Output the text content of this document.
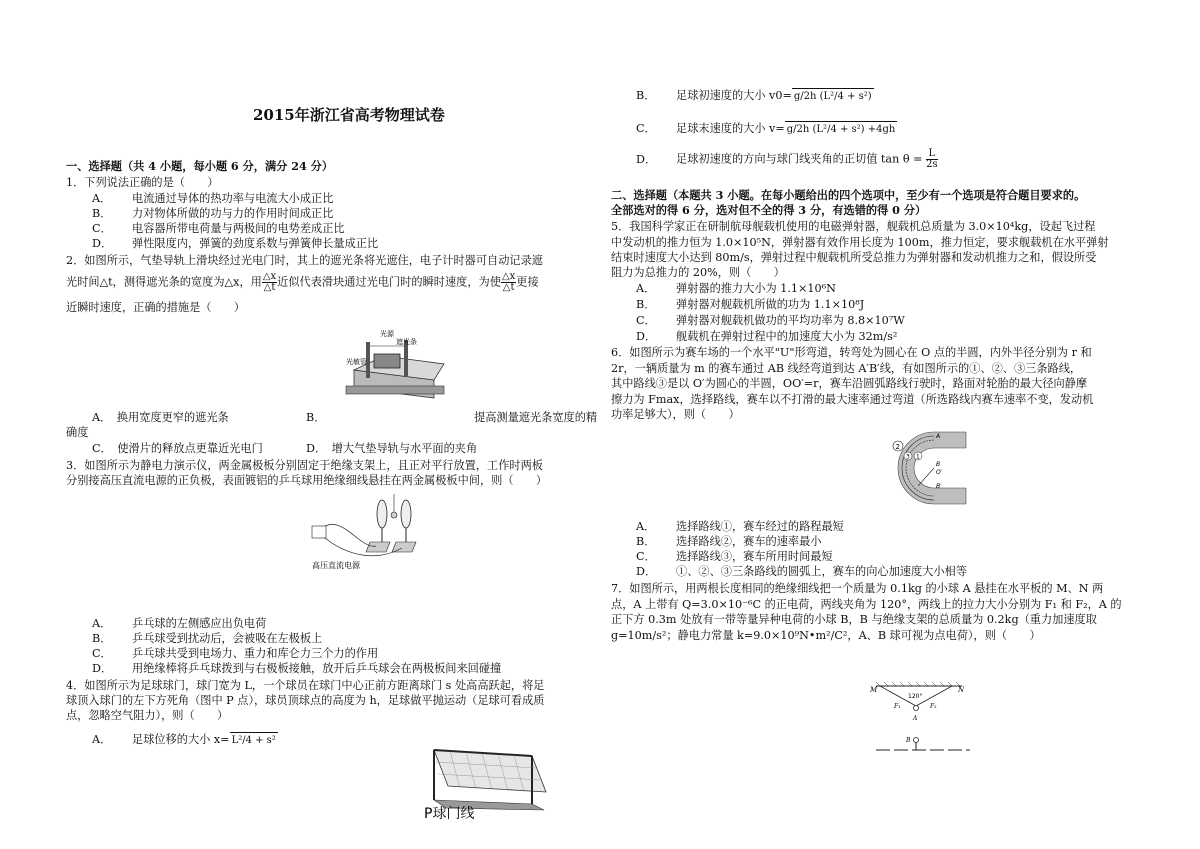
2015年浙江省高考物理试卷
一、选择题（共 4 小题，每小题 6 分，满分 24 分）
1．下列说法正确的是（　　）
A． 电流通过导体的热功率与电流大小成正比
B． 力对物体所做的功与力的作用时间成正比
C． 电容器所带电荷量与两极间的电势差成正比
D． 弹性限度内，弹簧的劲度系数与弹簧伸长量成正比
2．如图所示，气垫导轨上滑块经过光电门时，其上的遮光条将光遮住，电子计时器可自动记录遮
光时间△t，测得遮光条的宽度为△x，用 $\frac{\triangle x}{\triangle t}$ 近似代表滑块通过光电门时的瞬时速度，为使 $\frac{\triangle x}{\triangle t}$ 更接
近瞬时速度，正确的措施是（　　）
光源
遮光条
光敏管
A．　换用宽度更窄的遮光条	B．	提高测量遮光条宽度的精
确度
C．　使滑片的释放点更靠近光电门	D．　增大气垫导轨与水平面的夹角
3．如图所示为静电力演示仪，两金属极板分别固定于绝缘支架上，且正对平行放置，工作时两板
分别接高压直流电源的正负极，表面镀铝的乒乓球用绝缘细线悬挂在两金属极板中间，则（　　）
高压直流电源
A． 乒乓球的左侧感应出负电荷
B． 乒乓球受到扰动后，会被吸在左极板上
C． 乒乓球共受到电场力、重力和库仑力三个力的作用
D． 用绝缘棒将乒乓球拨到与右极板接触，放开后乒乓球会在两极板间来回碰撞
4．如图所示为足球球门，球门宽为 L，一个球员在球门中心正前方距离球门 s 处高高跃起，将足
球顶入球门的左下方死角（图中 P 点），球员顶球点的高度为 h，足球做平抛运动（足球可看成质
点，忽略空气阻力），则（　　）
A． 足球位移的大小 x= L²/4 + s²
P球门线
B． 足球初速度的大小 v0= g/2h (L²/4 + s²)
C． 足球末速度的大小 v= g/2h (L²/4 + s²) +4gh
D． 足球初速度的方向与球门线夹角的正切值 $\tan \theta = \frac{L}{2s}$
二、选择题（本题共 3 小题。在每小题给出的四个选项中，至少有一个选项是符合题目要求的。
全部选对的得 6 分，选对但不全的得 3 分，有选错的得 0 分）
5．我国科学家正在研制航母舰载机使用的电磁弹射器，舰载机总质量为 3.0×10⁴kg，设起飞过程
中发动机的推力恒为 1.0×10⁵N，弹射器有效作用长度为 100m，推力恒定，要求舰载机在水平弹射
结束时速度大小达到 80m/s，弹射过程中舰载机所受总推力为弹射器和发动机推力之和，假设所受
阻力为总推力的 20%，则（　　）
A． 弹射器的推力大小为 1.1×10⁶N
B． 弹射器对舰载机所做的功为 1.1×10⁸J
C． 弹射器对舰载机做功的平均功率为 8.8×10⁷W
D． 舰载机在弹射过程中的加速度大小为 32m/s²
6．如图所示为赛车场的一个水平"U"形弯道，转弯处为圆心在 O 点的半圆，内外半径分别为 r 和
2r，一辆质量为 m 的赛车通过 AB 线经弯道到达 A′B′线，有如图所示的①、②、③三条路线，
其中路线③是以 O′为圆心的半圆，OO′=r，赛车沿圆弧路线行驶时，路面对轮胎的最大径向静摩
擦力为 Fmax，选择路线，赛车以不打滑的最大速率通过弯道（所选路线内赛车速率不变，发动机
功率足够大），则（　　）
2
3 1
A
B
O′
B′
A． 选择路线①，赛车经过的路程最短
B． 选择路线②，赛车的速率最小
C． 选择路线③，赛车所用时间最短
D． ①、②、③三条路线的圆弧上，赛车的向心加速度大小相等
7．如图所示，用两根长度相同的绝缘细线把一个质量为 0.1kg 的小球 A 悬挂在水平板的 M、N 两
点，A 上带有 Q=3.0×10⁻⁶C 的正电荷，两线夹角为 120°，两线上的拉力大小分别为 F₁ 和 F₂，A 的
正下方 0.3m 处放有一带等量异种电荷的小球 B，B 与绝缘支架的总质量为 0.2kg（重力加速度取
g=10m/s²；静电力常量 k=9.0×10⁹N•m²/C²，A、B 球可视为点电荷），则（　　）
M	N
120°
F₁	F₂
A
B
